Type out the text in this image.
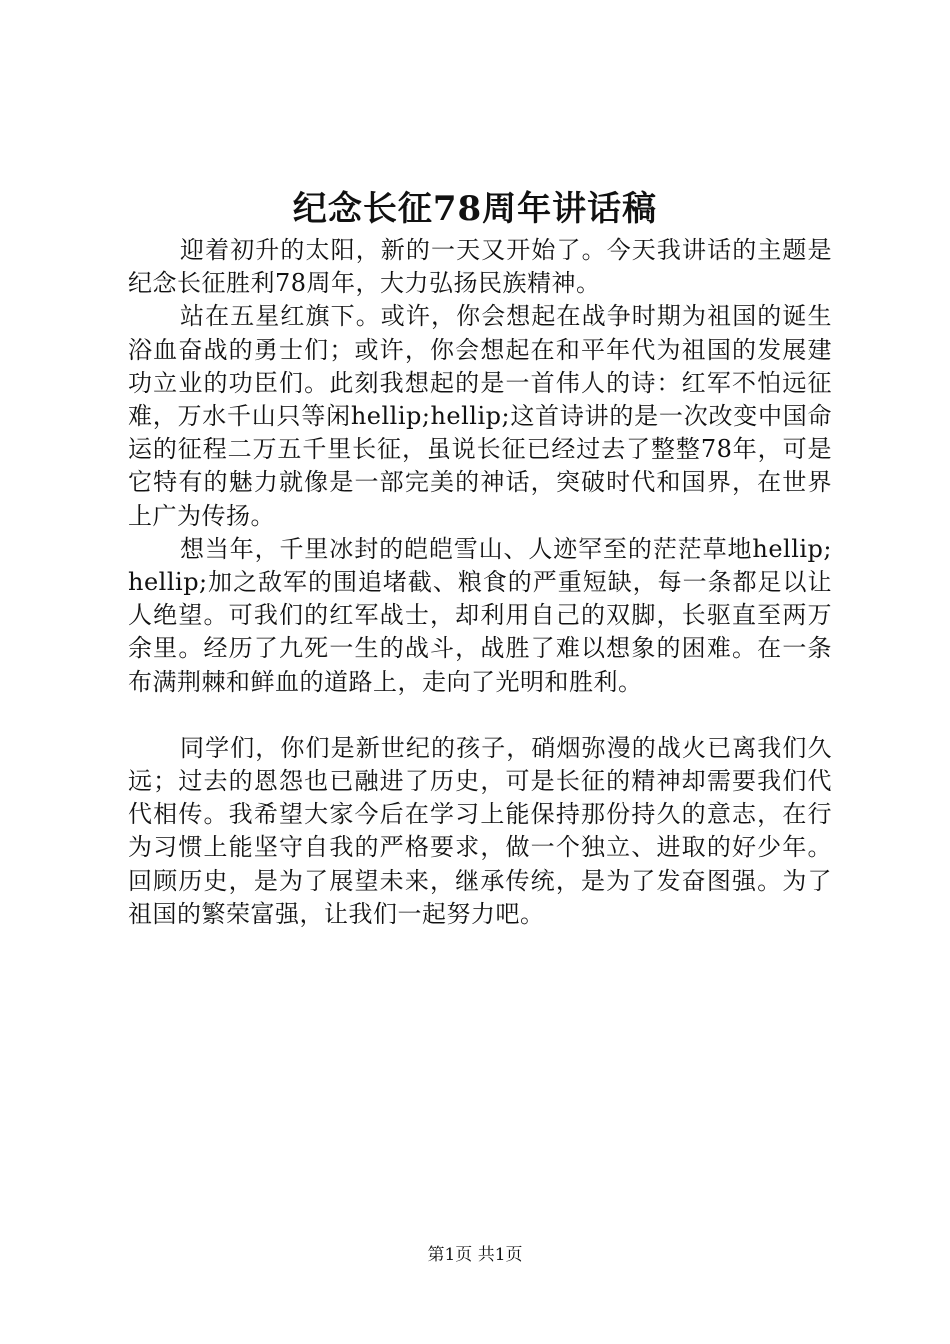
纪念长征78周年讲话稿

迎着初升的太阳，新的一天又开始了。今天我讲话的主题是纪念长征胜利78周年，大力弘扬民族精神。

站在五星红旗下。或许，你会想起在战争时期为祖国的诞生浴血奋战的勇士们；或许，你会想起在和平年代为祖国的发展建功立业的功臣们。此刻我想起的是一首伟人的诗：红军不怕远征难，万水千山只等闲hellip;hellip;这首诗讲的是一次改变中国命运的征程二万五千里长征，虽说长征已经过去了整整78年，可是它特有的魅力就像是一部完美的神话，突破时代和国界，在世界上广为传扬。

想当年，千里冰封的皑皑雪山、人迹罕至的茫茫草地hellip;hellip;加之敌军的围追堵截、粮食的严重短缺，每一条都足以让人绝望。可我们的红军战士，却利用自己的双脚，长驱直至两万余里。经历了九死一生的战斗，战胜了难以想象的困难。在一条布满荆棘和鲜血的道路上，走向了光明和胜利。

同学们，你们是新世纪的孩子，硝烟弥漫的战火已离我们久远；过去的恩怨也已融进了历史，可是长征的精神却需要我们代代相传。我希望大家今后在学习上能保持那份持久的意志，在行为习惯上能坚守自我的严格要求，做一个独立、进取的好少年。回顾历史，是为了展望未来，继承传统，是为了发奋图强。为了祖国的繁荣富强，让我们一起努力吧。

第1页 共1页
